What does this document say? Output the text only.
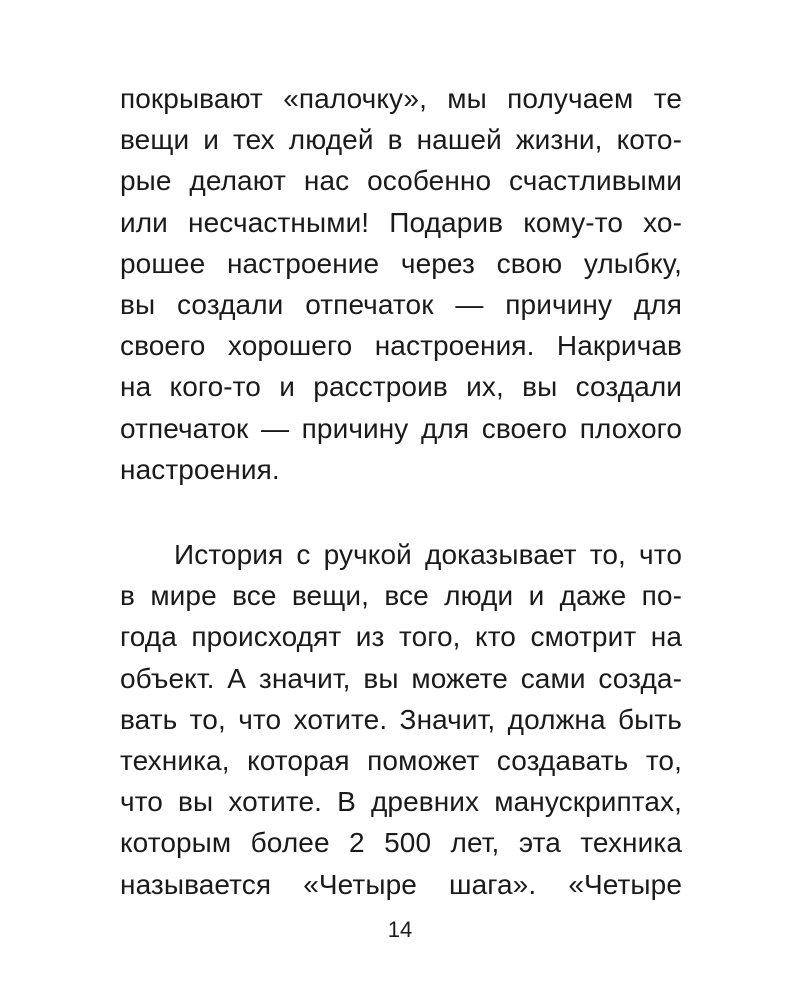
покрывают «палочку», мы получаем те
вещи и тех людей в нашей жизни, кото-
рые делают нас особенно счастливыми
или несчастными! Подарив кому-то хо-
рошее настроение через свою улыбку,
вы создали отпечаток — причину для
своего хорошего настроения. Накричав
на кого-то и расстроив их, вы создали
отпечаток — причину для своего плохого
настроения.
История с ручкой доказывает то, что
в мире все вещи, все люди и даже по-
года происходят из того, кто смотрит на
объект. А значит, вы можете сами созда-
вать то, что хотите. Значит, должна быть
техника, которая поможет создавать то,
что вы хотите. В древних манускриптах,
которым более 2 500 лет, эта техника
называется «Четыре шага». «Четыре
14
